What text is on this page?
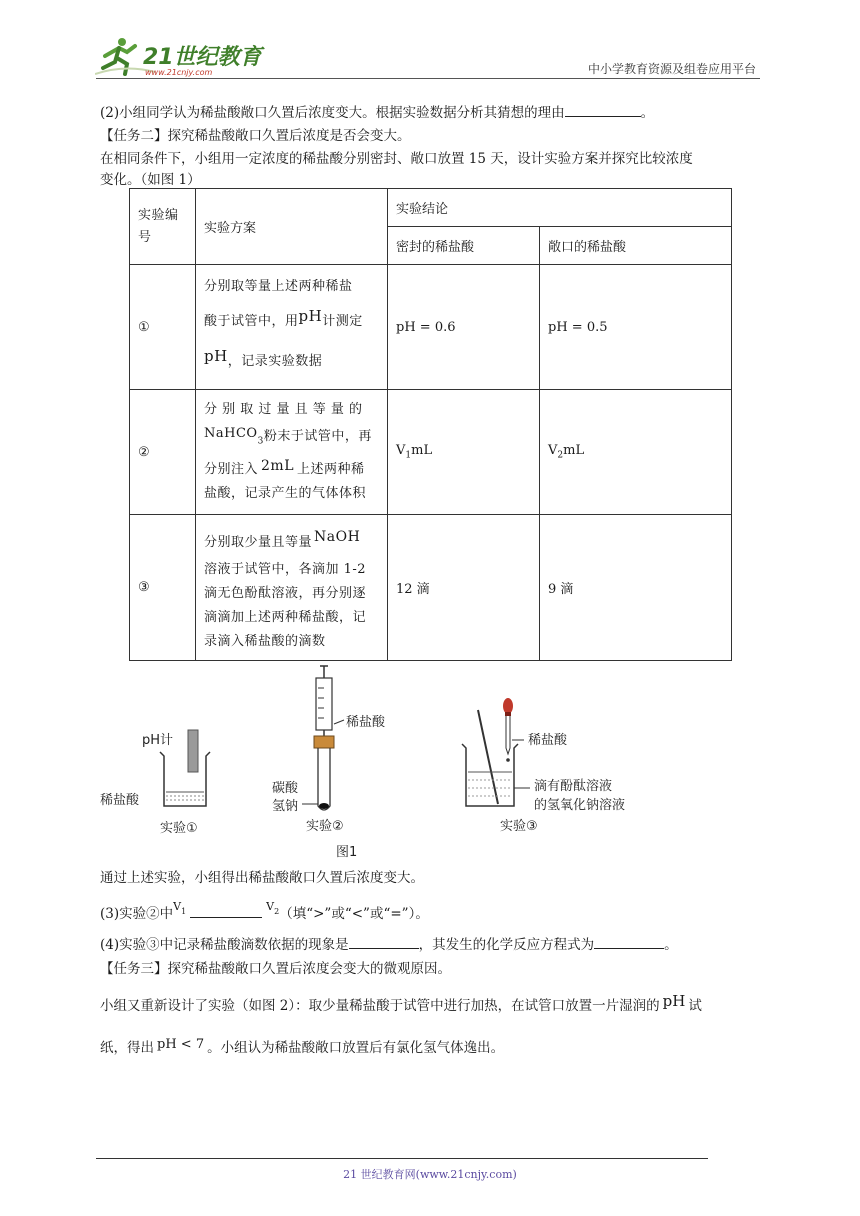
21世纪教育
www.21cnjy.com	中小学教育资源及组卷应用平台
(2)小组同学认为稀盐酸敞口久置后浓度变大。根据实验数据分析其猜想的理由	。
【任务二】探究稀盐酸敞口久置后浓度是否会变大。
在相同条件下，小组用一定浓度的稀盐酸分别密封、敞口放置 15 天，设计实验方案并探究比较浓度
变化。（如图 1）
实验编号	实验方案	实验结论	
		密封的稀盐酸	敞口的稀盐酸
①	分别取等量上述两种稀盐
酸于试管中，用pH计测定
pH，记录实验数据	pH = 0.6	pH = 0.5
②	分 别 取 过 量 且 等 量 的
NaHCO$_3$粉末于试管中，再
分别注入 2mL 上述两种稀
盐酸，记录产生的气体体积	$V_1mL$	$V_2mL$
③	分别取少量且等量 NaOH
溶液于试管中，各滴加 1-2
滴无色酚酞溶液，再分别逐
滴滴加上述两种稀盐酸，记
录滴入稀盐酸的滴数	12 滴	9 滴
pH计
稀盐酸
实验①
稀盐酸
碳酸
氢钠
实验②
稀盐酸
滴有酚酞溶液
的氢氧化钠溶液
实验③
图1
通过上述实验，小组得出稀盐酸敞口久置后浓度变大。
(3)实验②中$^V_1$	$^V_2$（填“>”或“<”或“=”）。
(4)实验③中记录稀盐酸滴数依据的现象是	，其发生的化学反应方程式为	。
【任务三】探究稀盐酸敞口久置后浓度会变大的微观原因。
小组又重新设计了实验（如图 2）：取少量稀盐酸于试管中进行加热，在试管口放置一片湿润的 pH 试
纸，得出 pH < 7 。小组认为稀盐酸敞口放置后有氯化氢气体逸出。
21 世纪教育网(www.21cnjy.com)
